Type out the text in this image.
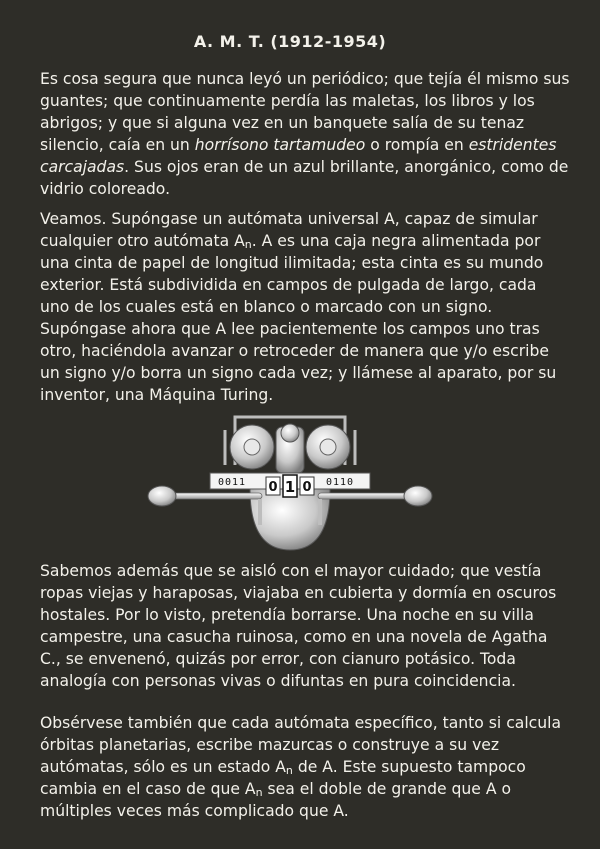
A. M. T. (1912-1954)

Es cosa segura que nunca leyó un periódico; que tejía él mismo sus guantes; que continuamente perdía las maletas, los libros y los abrigos; y que si alguna vez en un banquete salía de su tenaz silencio, caía en un horrísono tartamudeo o rompía en estridentes carcajadas. Sus ojos eran de un azul brillante, anorgánico, como de vidrio coloreado.

Veamos. Supóngase un autómata universal A, capaz de simular cualquier otro autómata $A_n$. A es una caja negra alimentada por una cinta de papel de longitud ilimitada; esta cinta es su mundo exterior. Está subdividida en campos de pulgada de largo, cada uno de los cuales está en blanco o marcado con un signo. Supóngase ahora que A lee pacientemente los campos uno tras otro, haciéndola avanzar o retroceder de manera que y/o escribe un signo y/o borra un signo cada vez; y llámese al aparato, por su inventor, una Máquina Turing.

0011	0110
0 1 0

Sabemos además que se aisló con el mayor cuidado; que vestía ropas viejas y haraposas, viajaba en cubierta y dormía en oscuros hostales. Por lo visto, pretendía borrarse. Una noche en su villa campestre, una casucha ruinosa, como en una novela de Agatha C., se envenenó, quizás por error, con cianuro potásico. Toda analogía con personas vivas o difuntas en pura coincidencia.

Obsérvese también que cada autómata específico, tanto si calcula órbitas planetarias, escribe mazurcas o construye a su vez autómatas, sólo es un estado $A_n$ de A. Este supuesto tampoco cambia en el caso de que $A_n$ sea el doble de grande que A o múltiples veces más complicado que A.
